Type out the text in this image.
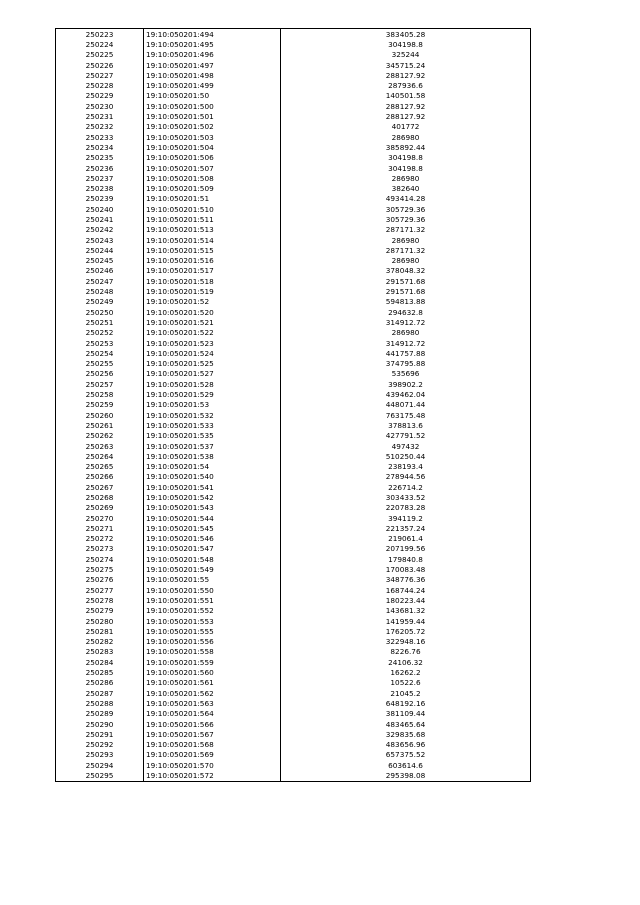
250223	19:10:050201:494	383405.28
250224	19:10:050201:495	304198.8
250225	19:10:050201:496	325244
250226	19:10:050201:497	345715.24
250227	19:10:050201:498	288127.92
250228	19:10:050201:499	287936.6
250229	19:10:050201:50	140501.58
250230	19:10:050201:500	288127.92
250231	19:10:050201:501	288127.92
250232	19:10:050201:502	401772
250233	19:10:050201:503	286980
250234	19:10:050201:504	385892.44
250235	19:10:050201:506	304198.8
250236	19:10:050201:507	304198.8
250237	19:10:050201:508	286980
250238	19:10:050201:509	382640
250239	19:10:050201:51	493414.28
250240	19:10:050201:510	305729.36
250241	19:10:050201:511	305729.36
250242	19:10:050201:513	287171.32
250243	19:10:050201:514	286980
250244	19:10:050201:515	287171.32
250245	19:10:050201:516	286980
250246	19:10:050201:517	378048.32
250247	19:10:050201:518	291571.68
250248	19:10:050201:519	291571.68
250249	19:10:050201:52	594813.88
250250	19:10:050201:520	294632.8
250251	19:10:050201:521	314912.72
250252	19:10:050201:522	286980
250253	19:10:050201:523	314912.72
250254	19:10:050201:524	441757.88
250255	19:10:050201:525	374795.88
250256	19:10:050201:527	535696
250257	19:10:050201:528	398902.2
250258	19:10:050201:529	439462.04
250259	19:10:050201:53	448071.44
250260	19:10:050201:532	763175.48
250261	19:10:050201:533	378813.6
250262	19:10:050201:535	427791.52
250263	19:10:050201:537	497432
250264	19:10:050201:538	510250.44
250265	19:10:050201:54	238193.4
250266	19:10:050201:540	278944.56
250267	19:10:050201:541	226714.2
250268	19:10:050201:542	303433.52
250269	19:10:050201:543	220783.28
250270	19:10:050201:544	394119.2
250271	19:10:050201:545	221357.24
250272	19:10:050201:546	219061.4
250273	19:10:050201:547	207199.56
250274	19:10:050201:548	179840.8
250275	19:10:050201:549	170083.48
250276	19:10:050201:55	348776.36
250277	19:10:050201:550	168744.24
250278	19:10:050201:551	180223.44
250279	19:10:050201:552	143681.32
250280	19:10:050201:553	141959.44
250281	19:10:050201:555	176205.72
250282	19:10:050201:556	322948.16
250283	19:10:050201:558	8226.76
250284	19:10:050201:559	24106.32
250285	19:10:050201:560	16262.2
250286	19:10:050201:561	10522.6
250287	19:10:050201:562	21045.2
250288	19:10:050201:563	648192.16
250289	19:10:050201:564	381109.44
250290	19:10:050201:566	483465.64
250291	19:10:050201:567	329835.68
250292	19:10:050201:568	483656.96
250293	19:10:050201:569	657375.52
250294	19:10:050201:570	603614.6
250295	19:10:050201:572	295398.08
